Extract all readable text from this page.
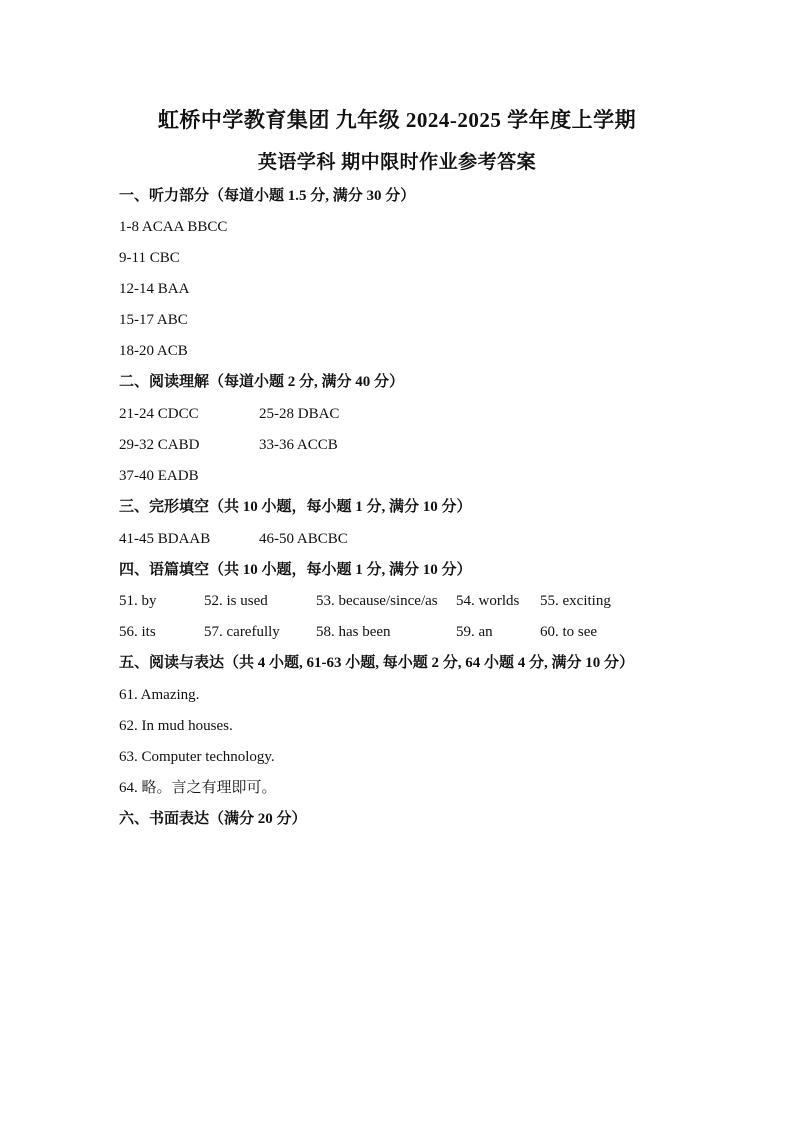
虹桥中学教育集团 九年级 2024-2025 学年度上学期
英语学科 期中限时作业参考答案
一、听力部分（每道小题 1.5 分, 满分 30 分）
1-8 ACAA BBCC
9-11 CBC
12-14 BAA
15-17 ABC
18-20 ACB
二、阅读理解（每道小题 2 分, 满分 40 分）
21-24 CDCC	25-28 DBAC
29-32 CABD	33-36 ACCB
37-40 EADB
三、完形填空（共 10 小题，每小题 1 分, 满分 10 分）
41-45 BDAAB	46-50 ABCBC
四、语篇填空（共 10 小题，每小题 1 分, 满分 10 分）
51. by	52. is used	53. because/since/as 54. worlds 55. exciting
56. its	57. carefully 58. has been	59. an	60. to see
五、阅读与表达（共 4 小题, 61-63 小题, 每小题 2 分, 64 小题 4 分, 满分 10 分）
61. Amazing.
62. In mud houses.
63. Computer technology.
64. 略。言之有理即可。
六、书面表达（满分 20 分）
